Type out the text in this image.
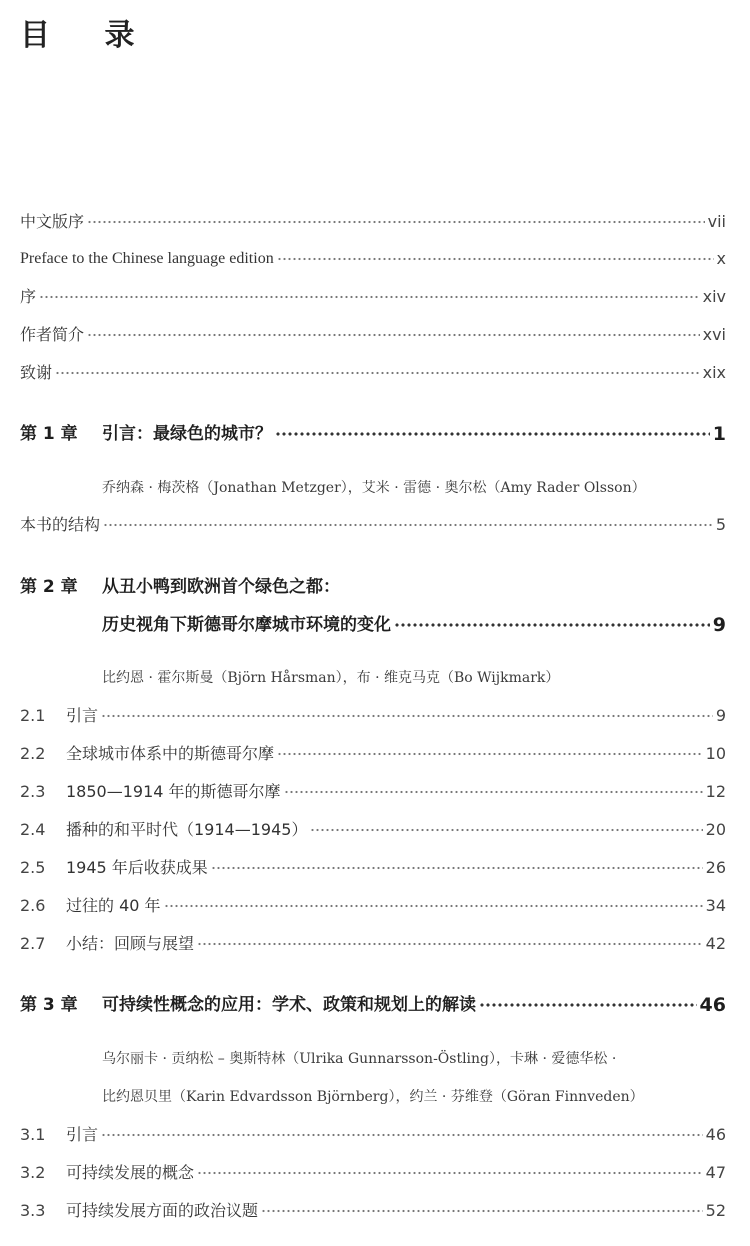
目 录
中文版序	vii
Preface to the Chinese language edition	x
序	xiv
作者简介	xvi
致谢	xix
第 1 章	引言：最绿色的城市？	1
乔纳森 · 梅茨格（Jonathan Metzger），艾米 · 雷德 · 奥尔松（Amy Rader Olsson）
本书的结构	5
第 2 章	从丑小鸭到欧洲首个绿色之都：
历史视角下斯德哥尔摩城市环境的变化	9
比约恩 · 霍尔斯曼（Björn Hårsman），布 · 维克马克（Bo Wijkmark）
2.1	引言	9
2.2	全球城市体系中的斯德哥尔摩	10
2.3	1850—1914 年的斯德哥尔摩	12
2.4	播种的和平时代（1914—1945）	20
2.5	1945 年后收获成果	26
2.6	过往的 40 年	34
2.7	小结：回顾与展望	42
第 3 章	可持续性概念的应用：学术、政策和规划上的解读	46
乌尔丽卡 · 贡纳松 – 奥斯特林（Ulrika Gunnarsson-Östling），卡琳 · 爱德华松 ·
比约恩贝里（Karin Edvardsson Björnberg），约兰 · 芬维登（Göran Finnveden）
3.1	引言	46
3.2	可持续发展的概念	47
3.3	可持续发展方面的政治议题	52
